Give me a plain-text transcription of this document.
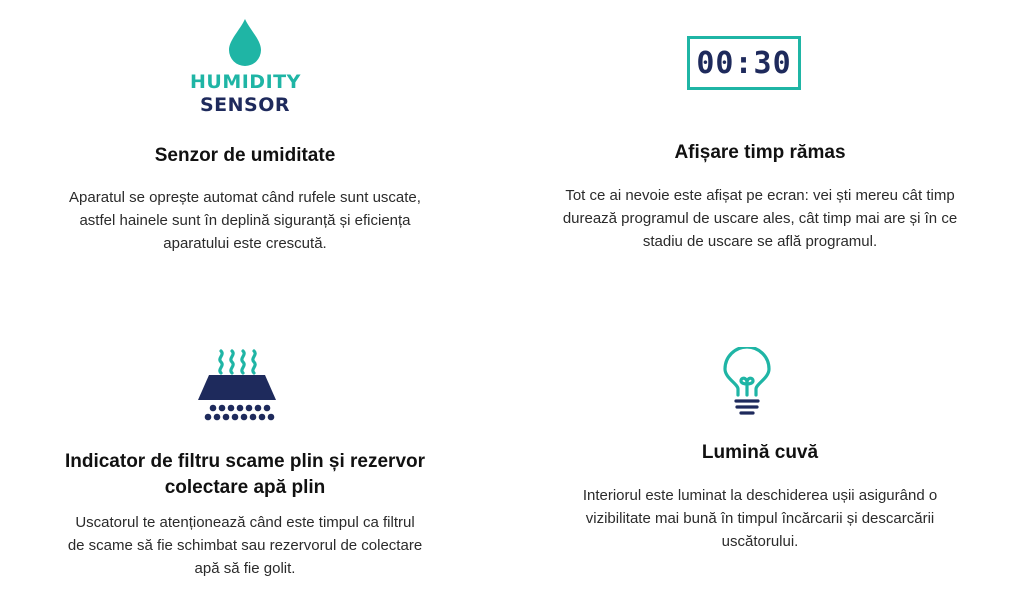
HUMIDITY
SENSOR
Senzor de umiditate

Aparatul se oprește automat când rufele sunt uscate,
astfel hainele sunt în deplină siguranță și eficiența
aparatului este crescută.

00:30
Afișare timp rămas

Tot ce ai nevoie este afișat pe ecran: vei ști mereu cât timp
durează programul de uscare ales, cât timp mai are și în ce
stadiu de uscare se află programul.

Indicator de filtru scame plin și rezervor
colectare apă plin

Uscatorul te atenționează când este timpul ca filtrul
de scame să fie schimbat sau rezervorul de colectare
apă să fie golit.

Lumină cuvă

Interiorul este luminat la deschiderea ușii asigurând o
vizibilitate mai bună în timpul încărcarii și descarcării
uscătorului.
